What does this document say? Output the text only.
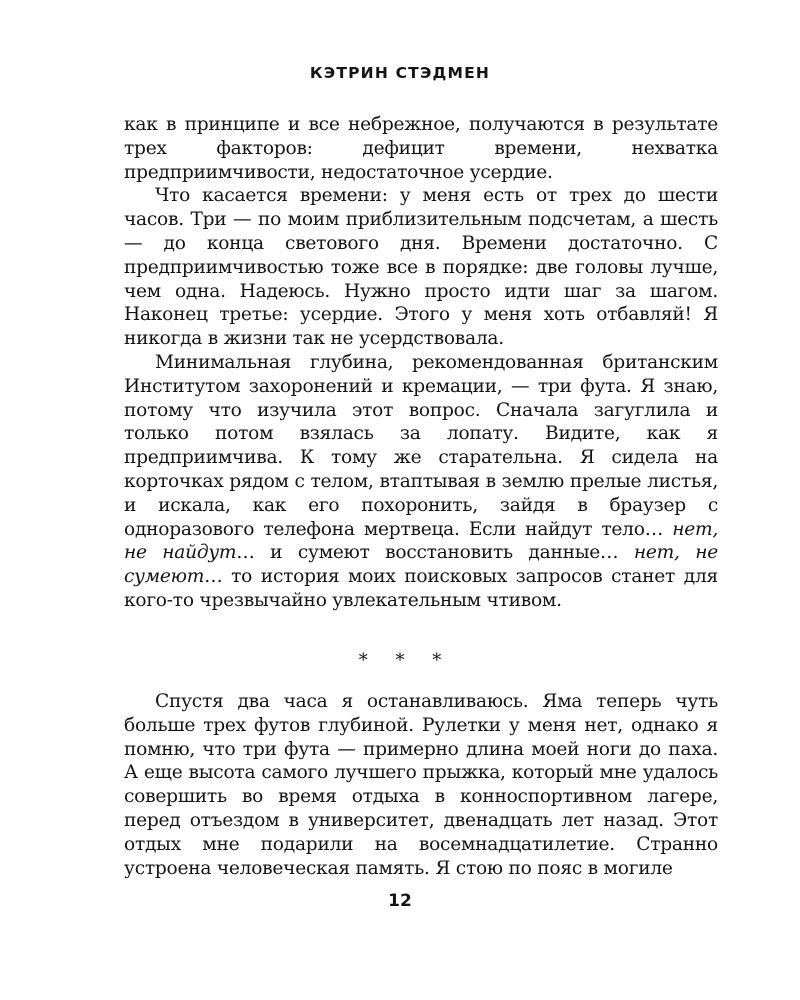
КЭТРИН СТЭДМЕН

как в принципе и все небрежное, получаются в результате трех факторов: дефицит времени, нехватка предприимчивости, недостаточное усердие.

Что касается времени: у меня есть от трех до шести часов. Три — по моим приблизительным подсчетам, а шесть — до конца светового дня. Времени достаточно. С предприимчивостью тоже все в порядке: две головы лучше, чем одна. Надеюсь. Нужно просто идти шаг за шагом. Наконец третье: усердие. Этого у меня хоть отбавляй! Я никогда в жизни так не усердствовала.

Минимальная глубина, рекомендованная британским Институтом захоронений и кремации, — три фута. Я знаю, потому что изучила этот вопрос. Сначала загуглила и только потом взялась за лопату. Видите, как я предприимчива. К тому же старательна. Я сидела на корточках рядом с телом, втаптывая в землю прелые листья, и искала, как его похоронить, зайдя в браузер с одноразового телефона мертвеца. Если найдут тело… нет, не найдут… и сумеют восстановить данные… нет, не сумеют… то история моих поисковых запросов станет для кого-то чрезвычайно увлекательным чтивом.

* * *

Спустя два часа я останавливаюсь. Яма теперь чуть больше трех футов глубиной. Рулетки у меня нет, однако я помню, что три фута — примерно длина моей ноги до паха. А еще высота самого лучшего прыжка, который мне удалось совершить во время отдыха в конноспортивном лагере, перед отъездом в университет, двенадцать лет назад. Этот отдых мне подарили на восемнадцатилетие. Странно устроена человеческая память. Я стою по пояс в могиле

12
